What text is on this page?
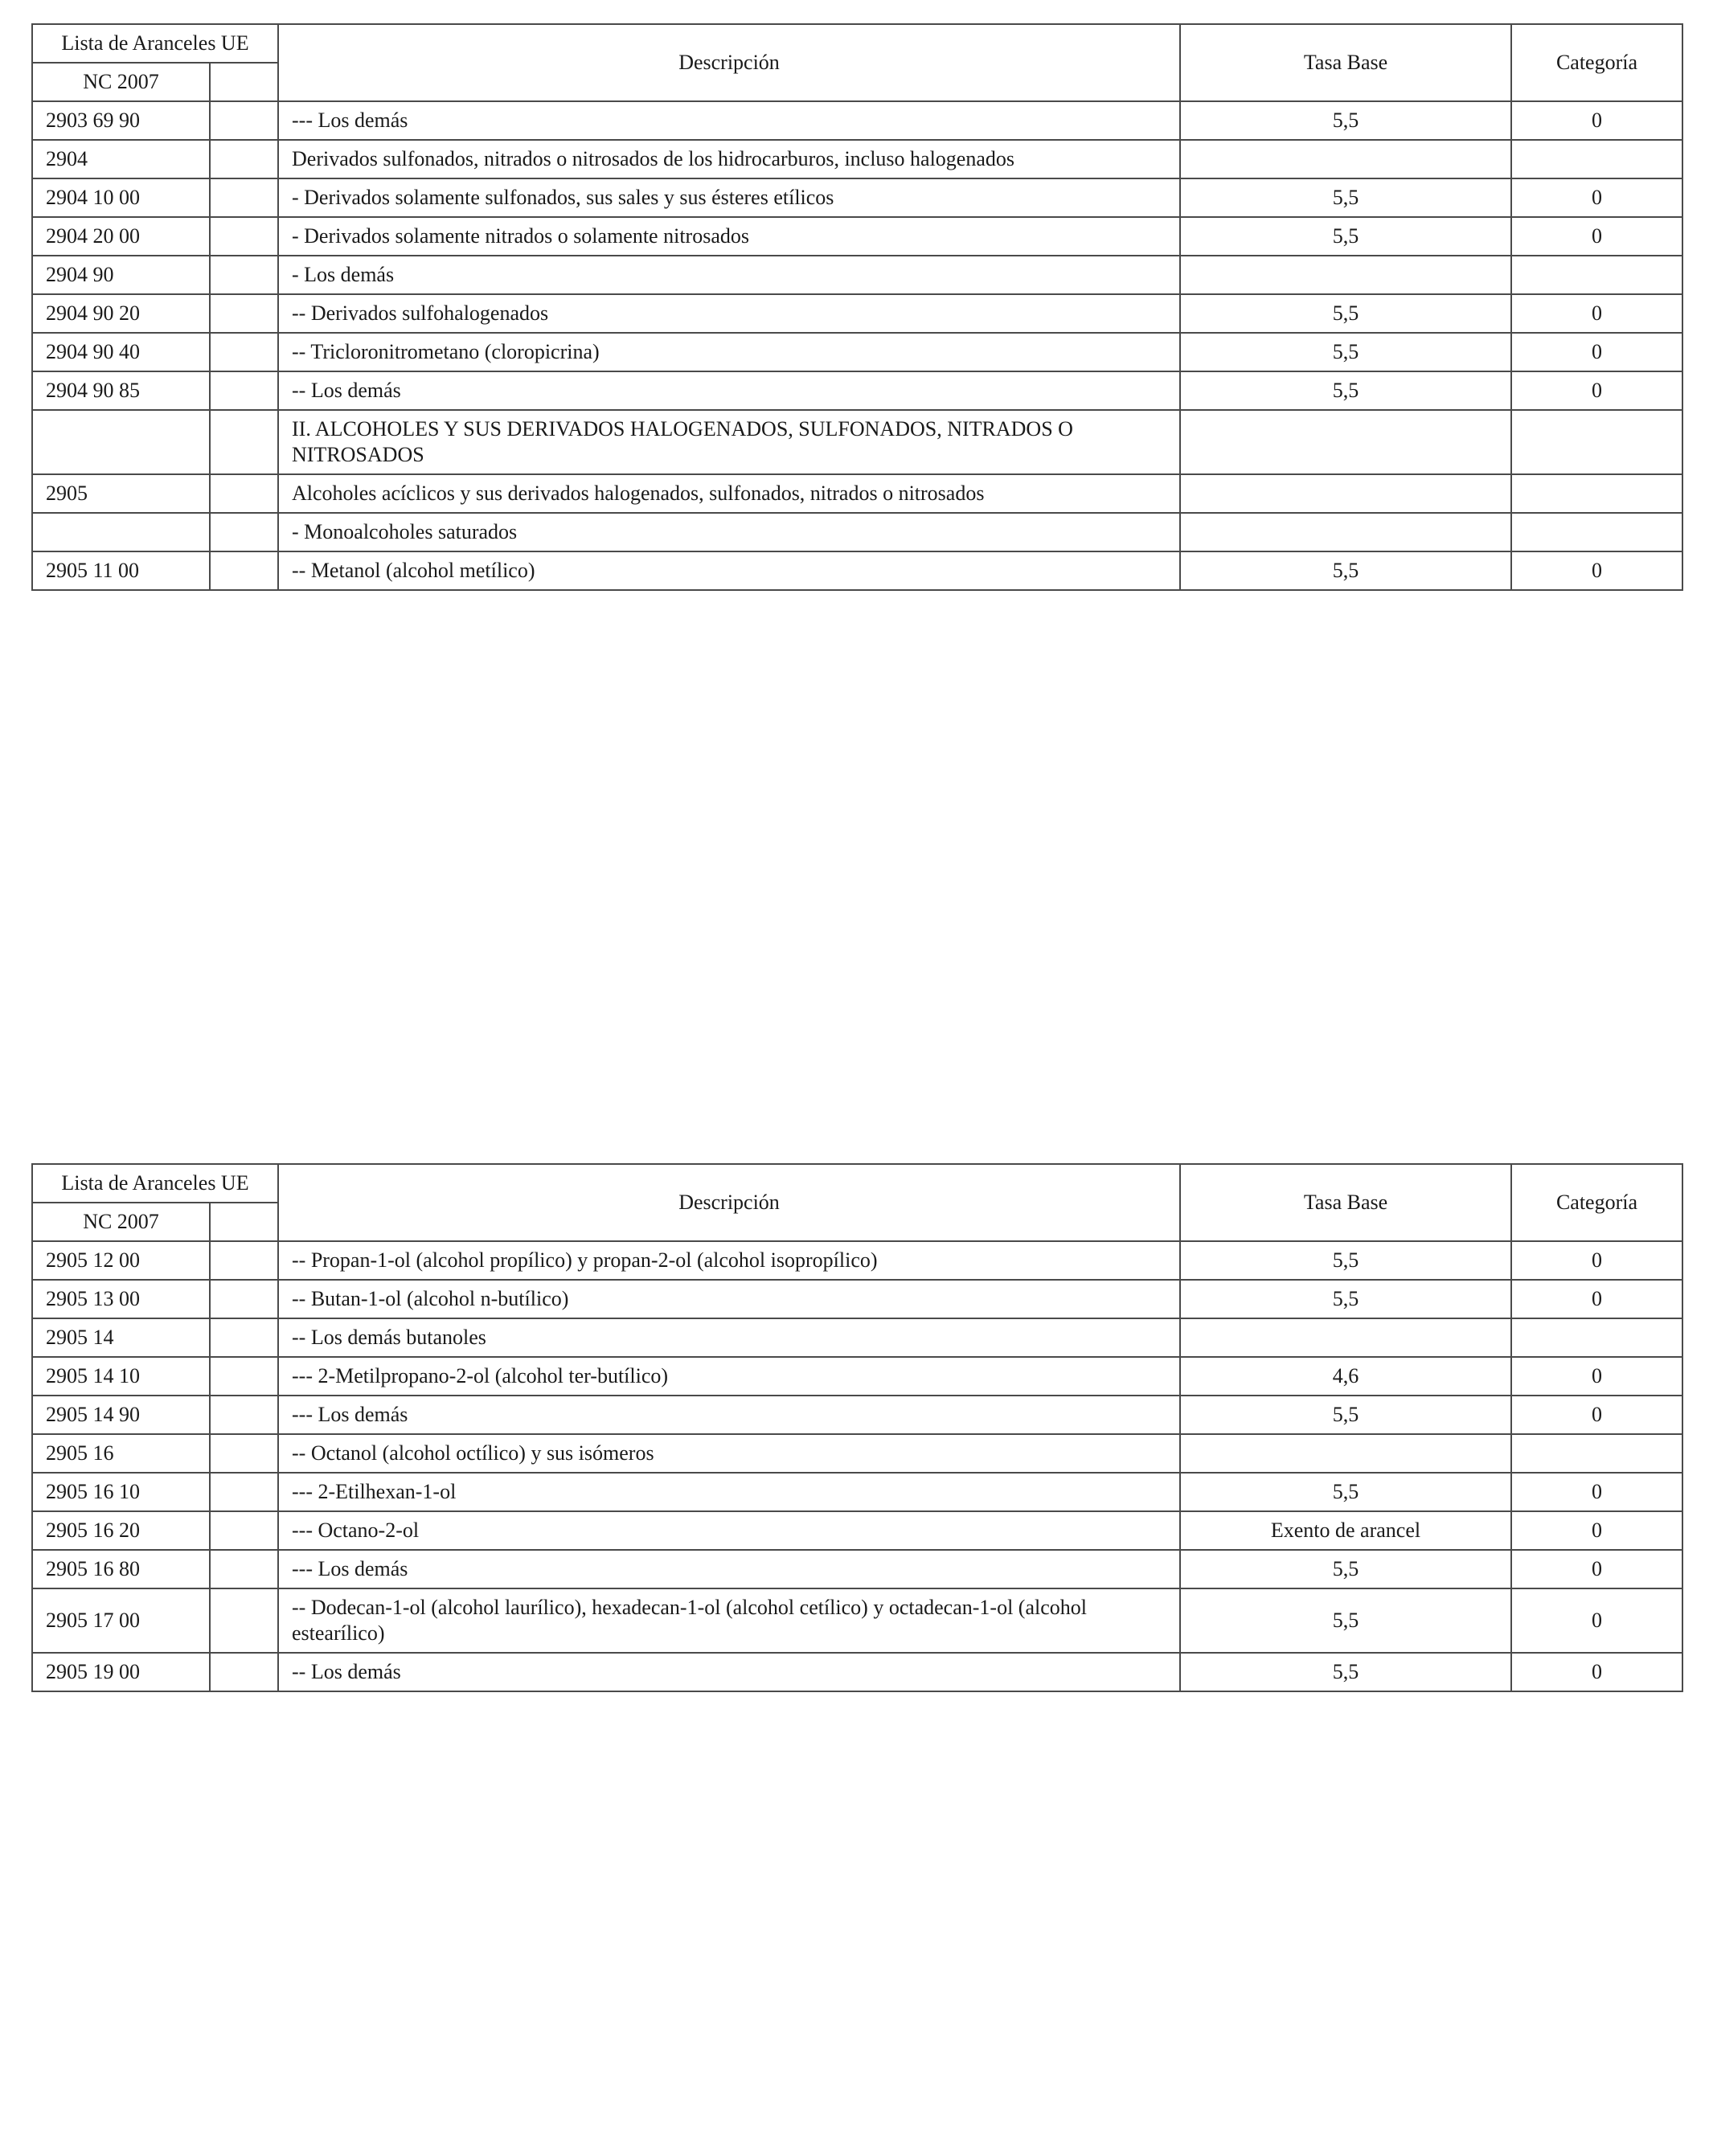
Lista de Aranceles UE		Descripción	Tasa Base	Categoría
NC 2007				
2903 69 90		--- Los demás	5,5	0
2904		Derivados sulfonados, nitrados o nitrosados de los hidrocarburos, incluso halogenados		
2904 10 00		- Derivados solamente sulfonados, sus sales y sus ésteres etílicos	5,5	0
2904 20 00		- Derivados solamente nitrados o solamente nitrosados	5,5	0
2904 90		- Los demás		
2904 90 20		-- Derivados sulfohalogenados	5,5	0
2904 90 40		-- Tricloronitrometano (cloropicrina)	5,5	0
2904 90 85		-- Los demás	5,5	0
		II. ALCOHOLES Y SUS DERIVADOS HALOGENADOS, SULFONADOS, NITRADOS O NITROSADOS		
2905		Alcoholes acíclicos y sus derivados halogenados, sulfonados, nitrados o nitrosados		
		- Monoalcoholes saturados		
2905 11 00		-- Metanol (alcohol metílico)	5,5	0
Lista de Aranceles UE		Descripción	Tasa Base	Categoría
NC 2007				
2905 12 00		-- Propan-1-ol (alcohol propílico) y propan-2-ol (alcohol isopropílico)	5,5	0
2905 13 00		-- Butan-1-ol (alcohol n-butílico)	5,5	0
2905 14		-- Los demás butanoles		
2905 14 10		--- 2-Metilpropano-2-ol (alcohol ter-butílico)	4,6	0
2905 14 90		--- Los demás	5,5	0
2905 16		-- Octanol (alcohol octílico) y sus isómeros		
2905 16 10		--- 2-Etilhexan-1-ol	5,5	0
2905 16 20		--- Octano-2-ol	Exento de arancel	0
2905 16 80		--- Los demás	5,5	0
2905 17 00		-- Dodecan-1-ol (alcohol laurílico), hexadecan-1-ol (alcohol cetílico) y octadecan-1-ol (alcohol estearílico)	5,5	0
2905 19 00		-- Los demás	5,5	0
